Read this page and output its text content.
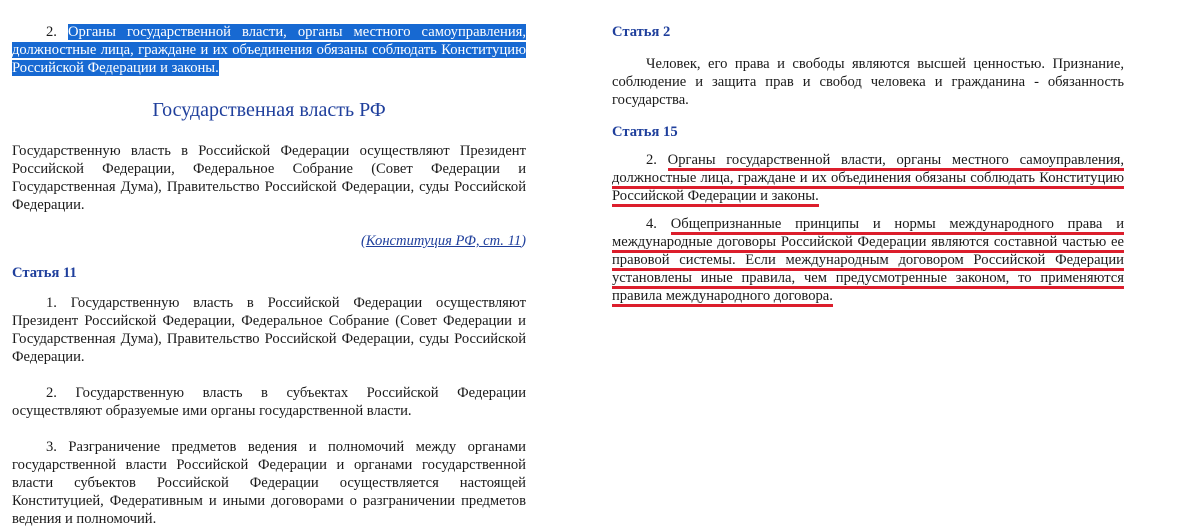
2. Органы государственной власти, органы местного самоуправления, должностные лица, граждане и их объединения обязаны соблюдать Конституцию Российской Федерации и законы.

Государственная власть РФ

Государственную власть в Российской Федерации осуществляют Президент Российской Федерации, Федеральное Собрание (Совет Федерации и Государственная Дума), Правительство Российской Федерации, суды Российской Федерации.

(Конституция РФ, ст. 11)

Статья 11

1. Государственную власть в Российской Федерации осуществляют Президент Российской Федерации, Федеральное Собрание (Совет Федерации и Государственная Дума), Правительство Российской Федерации, суды Российской Федерации.

2. Государственную власть в субъектах Российской Федерации осуществляют образуемые ими органы государственной власти.

3. Разграничение предметов ведения и полномочий между органами государственной власти Российской Федерации и органами государственной власти субъектов Российской Федерации осуществляется настоящей Конституцией, Федеративным и иными договорами о разграничении предметов ведения и полномочий.

Статья 2

Человек, его права и свободы являются высшей ценностью. Признание, соблюдение и защита прав и свобод человека и гражданина - обязанность государства.

Статья 15

2. Органы государственной власти, органы местного самоуправления, должностные лица, граждане и их объединения обязаны соблюдать Конституцию Российской Федерации и законы.

4. Общепризнанные принципы и нормы международного права и международные договоры Российской Федерации являются составной частью ее правовой системы. Если международным договором Российской Федерации установлены иные правила, чем предусмотренные законом, то применяются правила международного договора.
